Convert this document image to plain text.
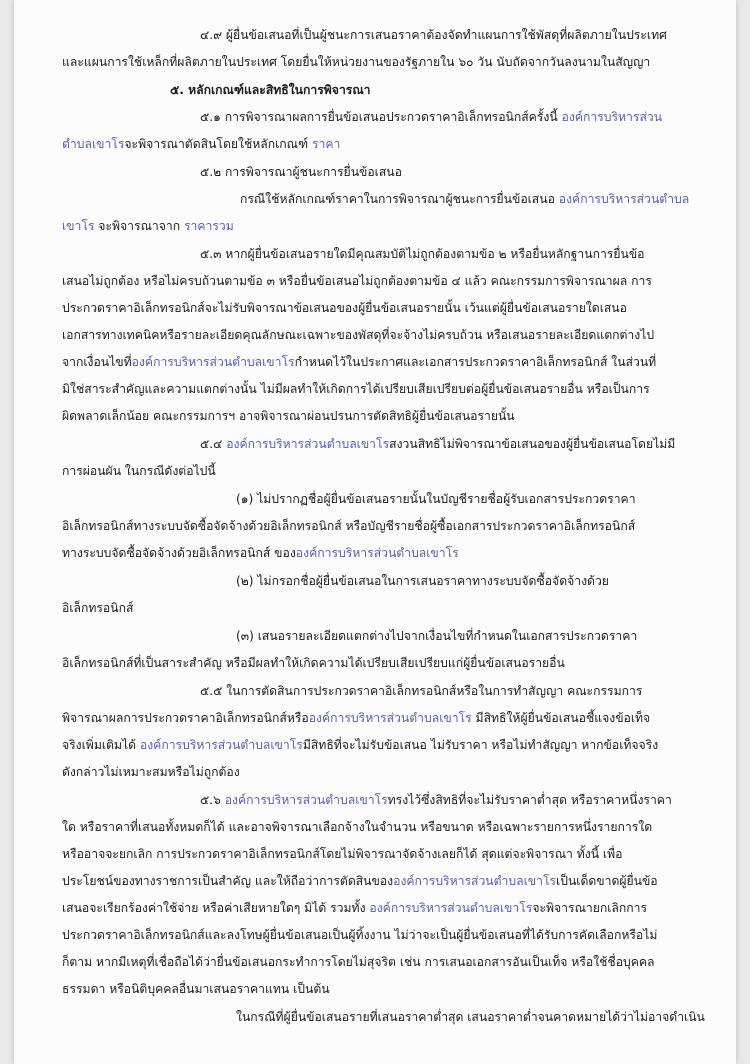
๔.๙ ผู้ยื่นข้อเสนอที่เป็นผู้ชนะการเสนอราคาต้องจัดทำแผนการใช้พัสดุที่ผลิตภายในประเทศ
และแผนการใช้เหล็กที่ผลิตภายในประเทศ โดยยื่นให้หน่วยงานของรัฐภายใน ๖๐ วัน นับถัดจากวันลงนามในสัญญา
๕. หลักเกณฑ์และสิทธิในการพิจารณา
๕.๑ การพิจารณาผลการยื่นข้อเสนอประกวดราคาอิเล็กทรอนิกส์ครั้งนี้ องค์การบริหารส่วน
ตำบลเขาโรจะพิจารณาตัดสินโดยใช้หลักเกณฑ์ ราคา
๕.๒ การพิจารณาผู้ชนะการยื่นข้อเสนอ
กรณีใช้หลักเกณฑ์ราคาในการพิจารณาผู้ชนะการยื่นข้อเสนอ องค์การบริหารส่วนตำบล
เขาโร จะพิจารณาจาก ราคารวม
๕.๓ หากผู้ยื่นข้อเสนอรายใดมีคุณสมบัติไม่ถูกต้องตามข้อ ๒ หรือยื่นหลักฐานการยื่นข้อ
เสนอไม่ถูกต้อง หรือไม่ครบถ้วนตามข้อ ๓ หรือยื่นข้อเสนอไม่ถูกต้องตามข้อ ๔ แล้ว คณะกรรมการพิจารณาผล การ
ประกวดราคาอิเล็กทรอนิกส์จะไม่รับพิจารณาข้อเสนอของผู้ยื่นข้อเสนอรายนั้น เว้นแต่ผู้ยื่นข้อเสนอรายใดเสนอ
เอกสารทางเทคนิคหรือรายละเอียดคุณลักษณะเฉพาะของพัสดุที่จะจ้างไม่ครบถ้วน หรือเสนอรายละเอียดแตกต่างไป
จากเงื่อนไขที่องค์การบริหารส่วนตำบลเขาโรกำหนดไว้ในประกาศและเอกสารประกวดราคาอิเล็กทรอนิกส์ ในส่วนที่
มิใช่สาระสำคัญและความแตกต่างนั้น ไม่มีผลทำให้เกิดการได้เปรียบเสียเปรียบต่อผู้ยื่นข้อเสนอรายอื่น หรือเป็นการ
ผิดพลาดเล็กน้อย คณะกรรมการฯ อาจพิจารณาผ่อนปรนการตัดสิทธิผู้ยื่นข้อเสนอรายนั้น
๕.๔ องค์การบริหารส่วนตำบลเขาโรสงวนสิทธิไม่พิจารณาข้อเสนอของผู้ยื่นข้อเสนอโดยไม่มี
การผ่อนผัน ในกรณีดังต่อไปนี้
(๑) ไม่ปรากฏชื่อผู้ยื่นข้อเสนอรายนั้นในบัญชีรายชื่อผู้รับเอกสารประกวดราคา
อิเล็กทรอนิกส์ทางระบบจัดซื้อจัดจ้างด้วยอิเล็กทรอนิกส์ หรือบัญชีรายชื่อผู้ซื้อเอกสารประกวดราคาอิเล็กทรอนิกส์
ทางระบบจัดซื้อจัดจ้างด้วยอิเล็กทรอนิกส์ ขององค์การบริหารส่วนตำบลเขาโร
(๒) ไม่กรอกชื่อผู้ยื่นข้อเสนอในการเสนอราคาทางระบบจัดซื้อจัดจ้างด้วย
อิเล็กทรอนิกส์
(๓) เสนอรายละเอียดแตกต่างไปจากเงื่อนไขที่กำหนดในเอกสารประกวดราคา
อิเล็กทรอนิกส์ที่เป็นสาระสำคัญ หรือมีผลทำให้เกิดความได้เปรียบเสียเปรียบแก่ผู้ยื่นข้อเสนอรายอื่น
๕.๕ ในการตัดสินการประกวดราคาอิเล็กทรอนิกส์หรือในการทำสัญญา คณะกรรมการ
พิจารณาผลการประกวดราคาอิเล็กทรอนิกส์หรือองค์การบริหารส่วนตำบลเขาโร มีสิทธิให้ผู้ยื่นข้อเสนอชี้แจงข้อเท็จ
จริงเพิ่มเติมได้ องค์การบริหารส่วนตำบลเขาโรมีสิทธิที่จะไม่รับข้อเสนอ ไม่รับราคา หรือไม่ทำสัญญา หากข้อเท็จจริง
ดังกล่าวไม่เหมาะสมหรือไม่ถูกต้อง
๕.๖ องค์การบริหารส่วนตำบลเขาโรทรงไว้ซึ่งสิทธิที่จะไม่รับราคาต่ำสุด หรือราคาหนึ่งราคา
ใด หรือราคาที่เสนอทั้งหมดก็ได้ และอาจพิจารณาเลือกจ้างในจำนวน หรือขนาด หรือเฉพาะรายการหนึ่งรายการใด
หรืออาจจะยกเลิก การประกวดราคาอิเล็กทรอนิกส์โดยไม่พิจารณาจัดจ้างเลยก็ได้ สุดแต่จะพิจารณา ทั้งนี้ เพื่อ
ประโยชน์ของทางราชการเป็นสำคัญ และให้ถือว่าการตัดสินขององค์การบริหารส่วนตำบลเขาโรเป็นเด็ดขาดผู้ยื่นข้อ
เสนอจะเรียกร้องค่าใช้จ่าย หรือค่าเสียหายใดๆ มิได้ รวมทั้ง องค์การบริหารส่วนตำบลเขาโรจะพิจารณายกเลิกการ
ประกวดราคาอิเล็กทรอนิกส์และลงโทษผู้ยื่นข้อเสนอเป็นผู้ทิ้งงาน ไม่ว่าจะเป็นผู้ยื่นข้อเสนอที่ได้รับการคัดเลือกหรือไม่
ก็ตาม หากมีเหตุที่เชื่อถือได้ว่ายื่นข้อเสนอกระทำการโดยไม่สุจริต เช่น การเสนอเอกสารอันเป็นเท็จ หรือใช้ชื่อบุคคล
ธรรมดา หรือนิติบุคคลอื่นมาเสนอราคาแทน เป็นต้น
ในกรณีที่ผู้ยื่นข้อเสนอรายที่เสนอราคาต่ำสุด เสนอราคาต่ำจนคาดหมายได้ว่าไม่อาจดำเนิน
